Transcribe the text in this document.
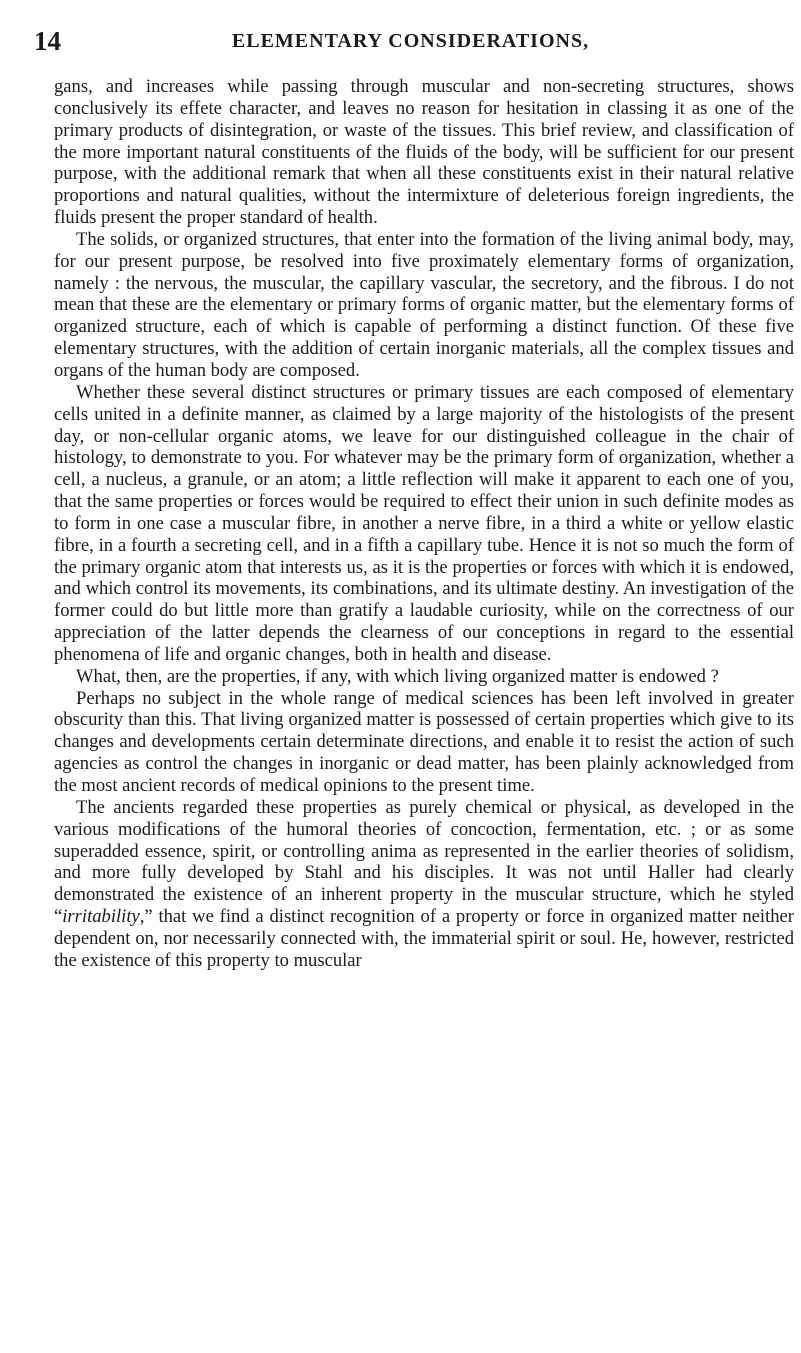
14	ELEMENTARY CONSIDERATIONS,

gans, and increases while passing through muscular and non-secreting structures, shows conclusively its effete character, and leaves no reason for hesitation in classing it as one of the primary products of disintegration, or waste of the tissues. This brief review, and classification of the more important natural constituents of the fluids of the body, will be sufficient for our present purpose, with the additional remark that when all these constituents exist in their natural relative proportions and natural qualities, without the intermixture of deleterious foreign ingredients, the fluids present the proper standard of health.

The solids, or organized structures, that enter into the formation of the living animal body, may, for our present purpose, be resolved into five proximately elementary forms of organization, namely : the nervous, the muscular, the capillary vascular, the secretory, and the fibrous. I do not mean that these are the elementary or primary forms of organic matter, but the elementary forms of organized structure, each of which is capable of performing a distinct function. Of these five elementary structures, with the addition of certain inorganic materials, all the complex tissues and organs of the human body are composed.

Whether these several distinct structures or primary tissues are each composed of elementary cells united in a definite manner, as claimed by a large majority of the histologists of the present day, or non-cellular organic atoms, we leave for our distinguished colleague in the chair of histology, to demonstrate to you. For whatever may be the primary form of organization, whether a cell, a nucleus, a granule, or an atom; a little reflection will make it apparent to each one of you, that the same properties or forces would be required to effect their union in such definite modes as to form in one case a muscular fibre, in another a nerve fibre, in a third a white or yellow elastic fibre, in a fourth a secreting cell, and in a fifth a capillary tube. Hence it is not so much the form of the primary organic atom that interests us, as it is the properties or forces with which it is endowed, and which control its movements, its combinations, and its ultimate destiny. An investigation of the former could do but little more than gratify a laudable curiosity, while on the correctness of our appreciation of the latter depends the clearness of our conceptions in regard to the essential phenomena of life and organic changes, both in health and disease.

What, then, are the properties, if any, with which living organized matter is endowed ?

Perhaps no subject in the whole range of medical sciences has been left involved in greater obscurity than this. That living organized matter is possessed of certain properties which give to its changes and developments certain determinate directions, and enable it to resist the action of such agencies as control the changes in inorganic or dead matter, has been plainly acknowledged from the most ancient records of medical opinions to the present time.

The ancients regarded these properties as purely chemical or physical, as developed in the various modifications of the humoral theories of concoction, fermentation, etc. ; or as some superadded essence, spirit, or controlling anima as represented in the earlier theories of solidism, and more fully developed by Stahl and his disciples. It was not until Haller had clearly demonstrated the existence of an inherent property in the muscular structure, which he styled “irritability,” that we find a distinct recognition of a property or force in organized matter neither dependent on, nor necessarily connected with, the immaterial spirit or soul. He, however, restricted the existence of this property to muscular
